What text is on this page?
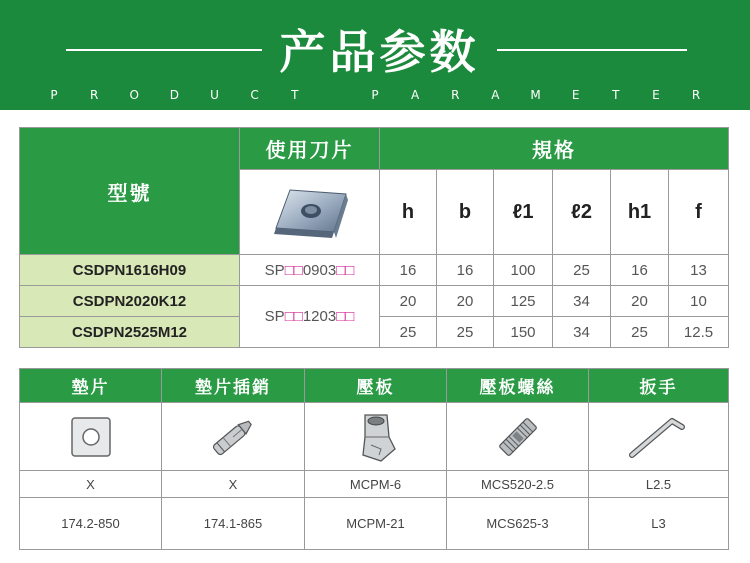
产品参数
P	R	O	D	U	C	T	P	A	R	A	M	E	T	E	R
型號	使用刀片	規格					

	h	b	ℓ1	ℓ2	h1	f
CSDPN1616H09	SP□□0903□□	16	16	100	25	16	13
CSDPN2020K12	SP□□1203□□	20	20	125	34	20	10
CSDPN2525M12		25	25	150	34	25	12.5
墊片	墊片插銷	壓板	壓板螺絲	扳手

X	X	MCPM-6	MCS520-2.5	L2.5
174.2-850	174.1-865	MCPM-21	MCS625-3	L3
